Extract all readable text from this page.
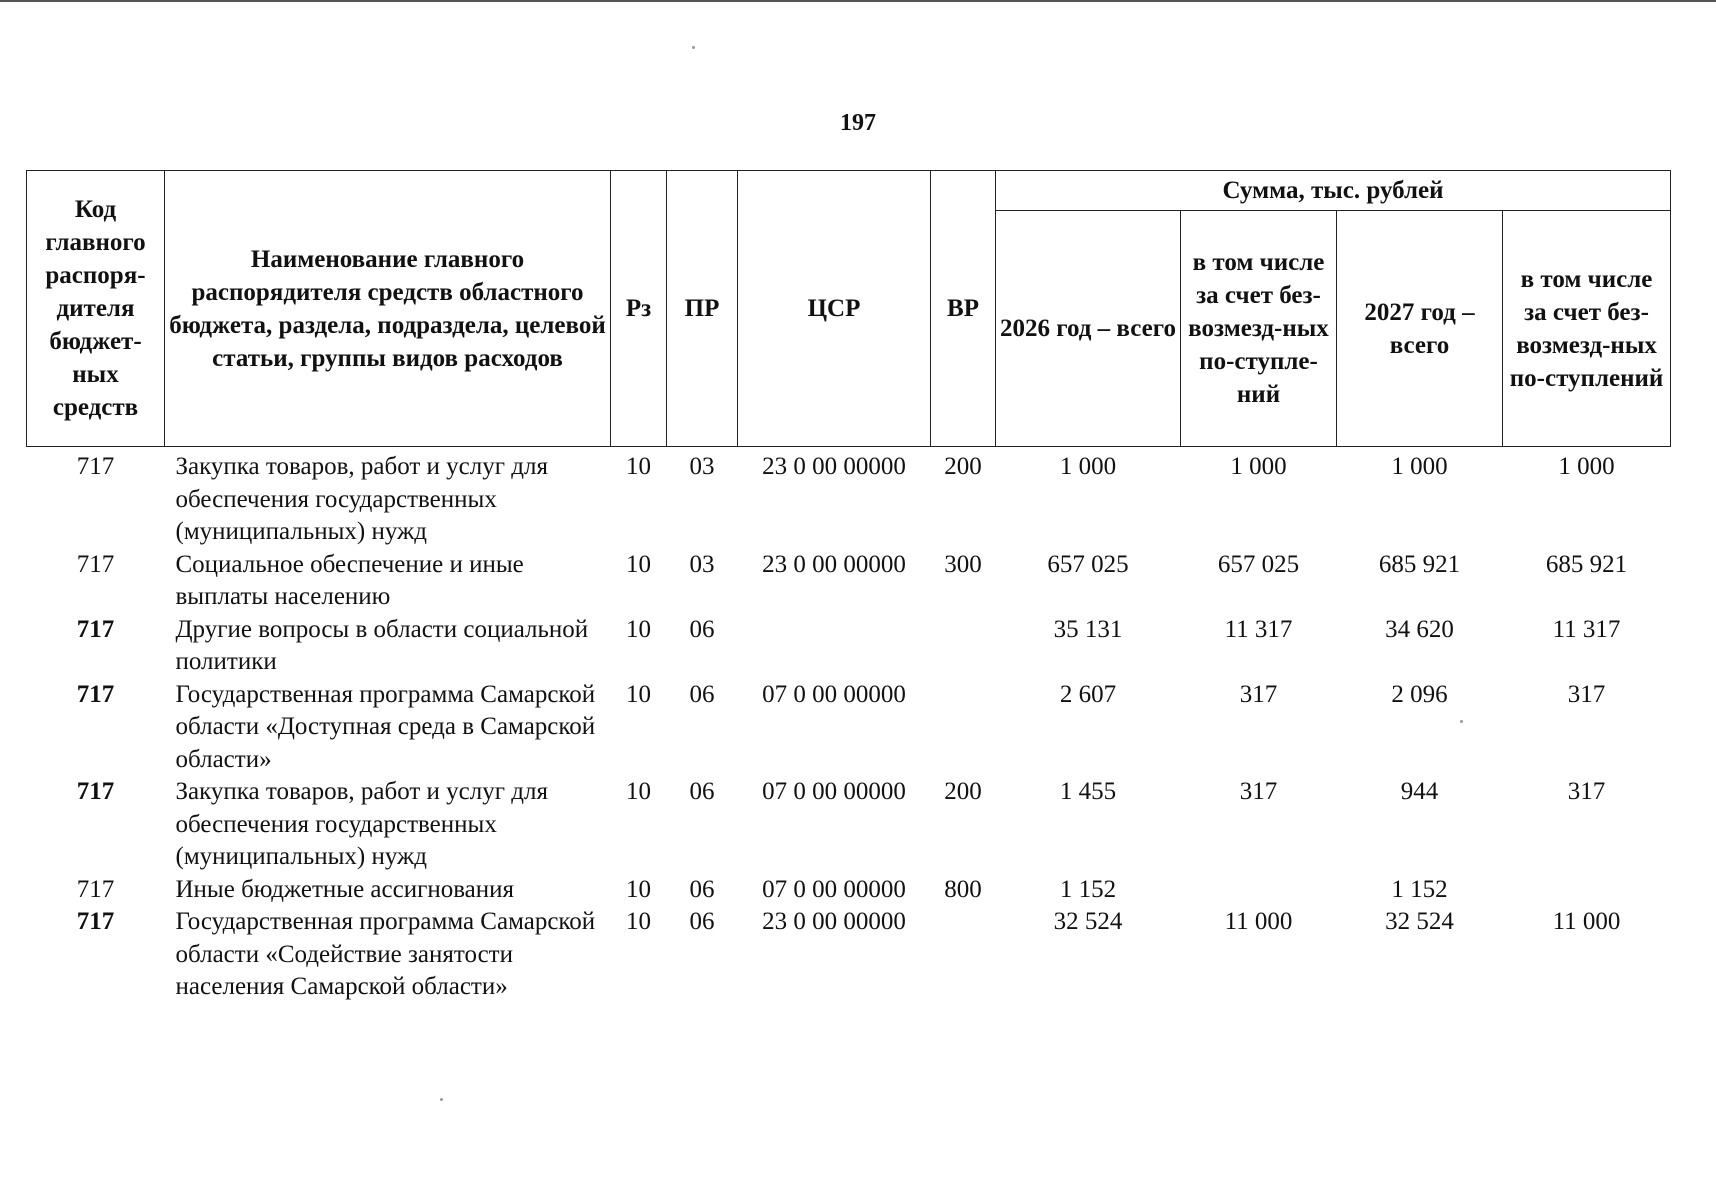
197
Код главного распоря-дителя бюджет-ных средств	Наименование главного распорядителя средств областного бюджета, раздела, подраздела, целевой статьи, группы видов расходов	Рз	ПР	ЦСР	ВР	Сумма, тыс. рублей			
						2026 год – всего	в том числе за счет без-возмезд-ных по-ступле-ний	2027 год – всего	в том числе за счет без-возмезд-ных по-ступлений
717	Закупка товаров, работ и услуг для обеспечения государственных (муниципальных) нужд	10	03	23 0 00 00000	200	1 000	1 000	1 000	1 000
717	Социальное обеспечение и иные выплаты населению	10	03	23 0 00 00000	300	657 025	657 025	685 921	685 921
717	Другие вопросы в области социальной политики	10	06			35 131	11 317	34 620	11 317
717	Государственная программа Самарской области «Доступная среда в Самарской области»	10	06	07 0 00 00000		2 607	317	2 096	317
717	Закупка товаров, работ и услуг для обеспечения государственных (муниципальных) нужд	10	06	07 0 00 00000	200	1 455	317	944	317
717	Иные бюджетные ассигнования	10	06	07 0 00 00000	800	1 152		1 152	
717	Государственная программа Самарской области «Содействие занятости населения Самарской области»	10	06	23 0 00 00000		32 524	11 000	32 524	11 000
